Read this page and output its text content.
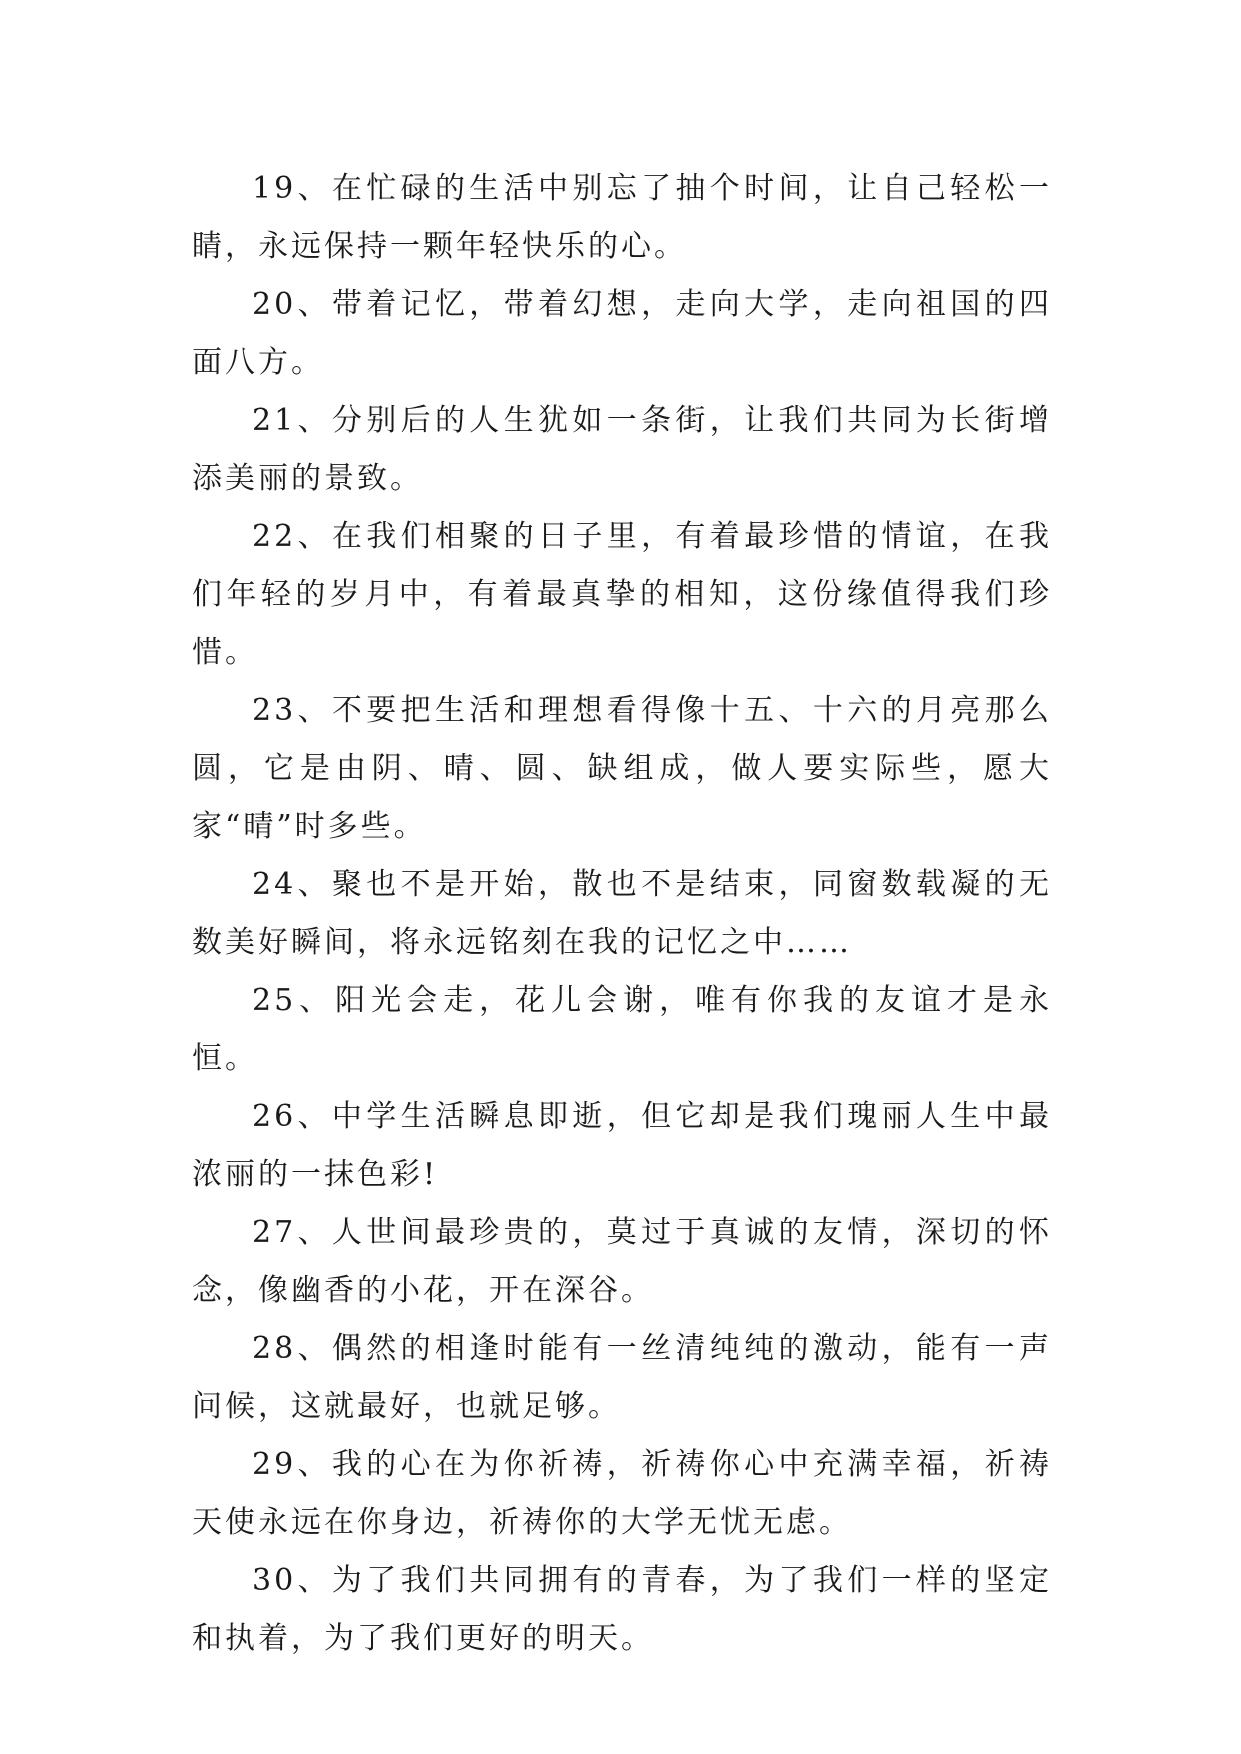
19、在忙碌的生活中别忘了抽个时间，让自己轻松一睛，永远保持一颗年轻快乐的心。

20、带着记忆，带着幻想，走向大学，走向祖国的四面八方。

21、分别后的人生犹如一条街，让我们共同为长街增添美丽的景致。

22、在我们相聚的日子里，有着最珍惜的情谊，在我们年轻的岁月中，有着最真挚的相知，这份缘值得我们珍惜。

23、不要把生活和理想看得像十五、十六的月亮那么圆，它是由阴、晴、圆、缺组成，做人要实际些，愿大家“晴”时多些。

24、聚也不是开始，散也不是结束，同窗数载凝的无数美好瞬间，将永远铭刻在我的记忆之中……

25、阳光会走，花儿会谢，唯有你我的友谊才是永恒。

26、中学生活瞬息即逝，但它却是我们瑰丽人生中最浓丽的一抹色彩!

27、人世间最珍贵的，莫过于真诚的友情，深切的怀念，像幽香的小花，开在深谷。

28、偶然的相逢时能有一丝清纯纯的激动，能有一声问候，这就最好，也就足够。

29、我的心在为你祈祷，祈祷你心中充满幸福，祈祷天使永远在你身边，祈祷你的大学无忧无虑。

30、为了我们共同拥有的青春，为了我们一样的坚定和执着，为了我们更好的明天。
